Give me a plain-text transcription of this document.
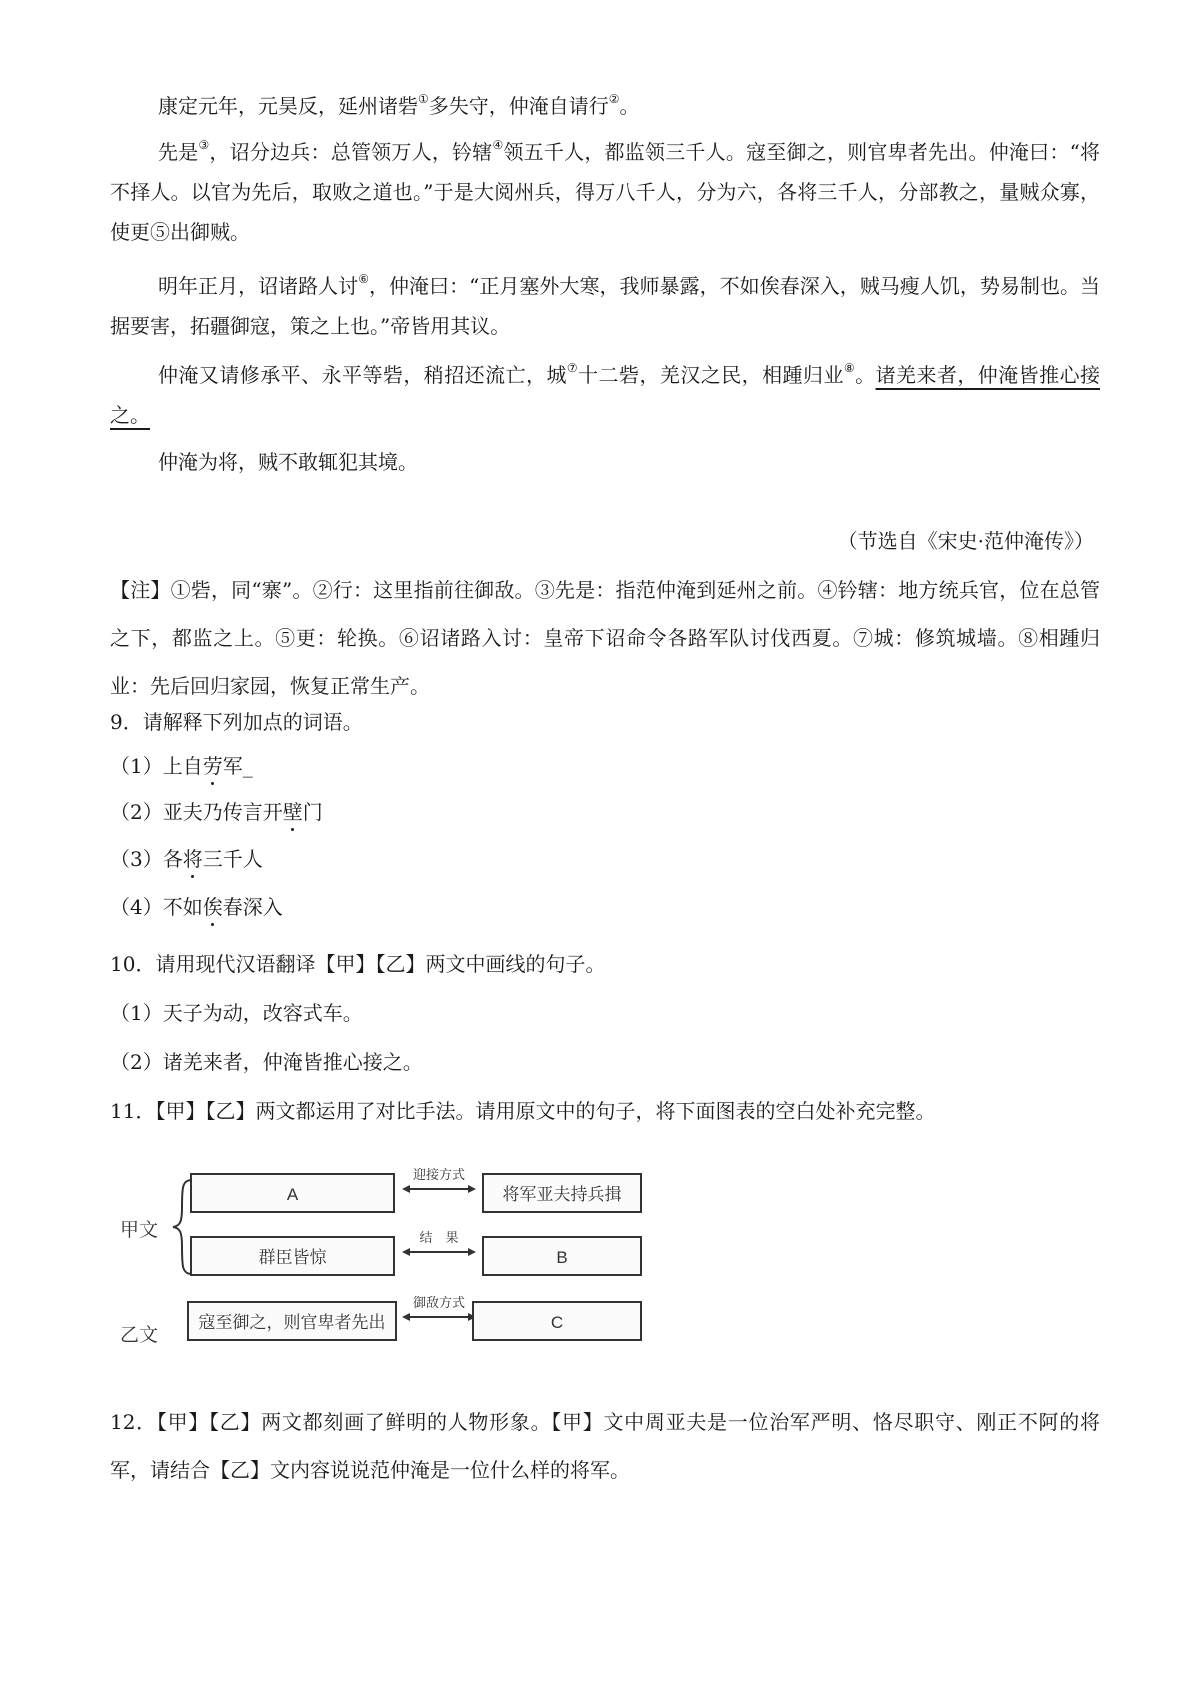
康定元年，元昊反，延州诸砦①多失守，仲淹自请行②。
先是③，诏分边兵：总管领万人，钤辖④领五千人，都监领三千人。寇至御之，则官卑者先出。仲淹曰：“将不择人。以官为先后，取败之道也。”于是大阅州兵，得万八千人，分为六，各将三千人，分部教之，量贼众寡，使更⑤出御贼。
明年正月，诏诸路人讨⑥，仲淹曰：“正月塞外大寒，我师暴露，不如俟春深入，贼马瘦人饥，势易制也。当据要害，拓疆御寇，策之上也。”帝皆用其议。
仲淹又请修承平、永平等砦，稍招还流亡，城⑦十二砦，羌汉之民，相踵归业⑧。诸羌来者，仲淹皆推心接之。
仲淹为将，贼不敢辄犯其境。
（节选自《宋史·范仲淹传》）
【注】①砦，同“寨”。②行：这里指前往御敌。③先是：指范仲淹到延州之前。④钤辖：地方统兵官，位在总管之下，都监之上。⑤更：轮换。⑥诏诸路入讨：皇帝下诏命令各路军队讨伐西夏。⑦城：修筑城墙。⑧相踵归业：先后回归家园，恢复正常生产。
9．请解释下列加点的词语。
（1）上自劳军_
（2）亚夫乃传言开壁门
（3）各将三千人
（4）不如俟春深入
10．请用现代汉语翻译【甲】【乙】两文中画线的句子。
（1）天子为动，改容式车。
（2）诸羌来者，仲淹皆推心接之。
11．【甲】【乙】两文都运用了对比手法。请用原文中的句子，将下面图表的空白处补充完整。
甲文
乙文
A
迎接方式
将军亚夫持兵揖
群臣皆惊
结　果
B
寇至御之，则官卑者先出
御敌方式
C
12．【甲】【乙】两文都刻画了鲜明的人物形象。【甲】文中周亚夫是一位治军严明、恪尽职守、刚正不阿的将军，请结合【乙】文内容说说范仲淹是一位什么样的将军。
